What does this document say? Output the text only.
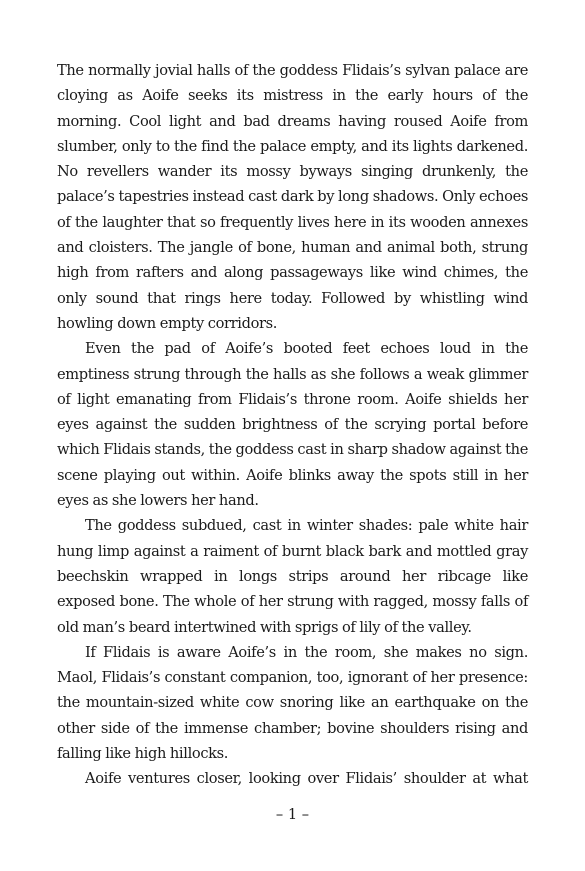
The normally jovial halls of the goddess Flidais’s sylvan palace are cloying as Aoife seeks its mistress in the early hours of the morning. Cool light and bad dreams having roused Aoife from slumber, only to the find the palace empty, and its lights darkened. No revellers wander its mossy byways singing drunkenly, the palace’s tapestries instead cast dark by long shadows. Only echoes of the laughter that so frequently lives here in its wooden annexes and cloisters. The jangle of bone, human and animal both, strung high from rafters and along passageways like wind chimes, the only sound that rings here today. Followed by whistling wind howling down empty corridors.

Even the pad of Aoife’s booted feet echoes loud in the emptiness strung through the halls as she follows a weak glimmer of light emanating from Flidais’s throne room. Aoife shields her eyes against the sudden brightness of the scrying portal before which Flidais stands, the goddess cast in sharp shadow against the scene playing out within. Aoife blinks away the spots still in her eyes as she lowers her hand.

The goddess subdued, cast in winter shades: pale white hair hung limp against a raiment of burnt black bark and mottled gray beechskin wrapped in longs strips around her ribcage like exposed bone. The whole of her strung with ragged, mossy falls of old man’s beard intertwined with sprigs of lily of the valley.

If Flidais is aware Aoife’s in the room, she makes no sign. Maol, Flidais’s constant companion, too, ignorant of her presence: the mountain-sized white cow snoring like an earthquake on the other side of the immense chamber; bovine shoulders rising and falling like high hillocks.

Aoife ventures closer, looking over Flidais’ shoulder at what

– 1 –
